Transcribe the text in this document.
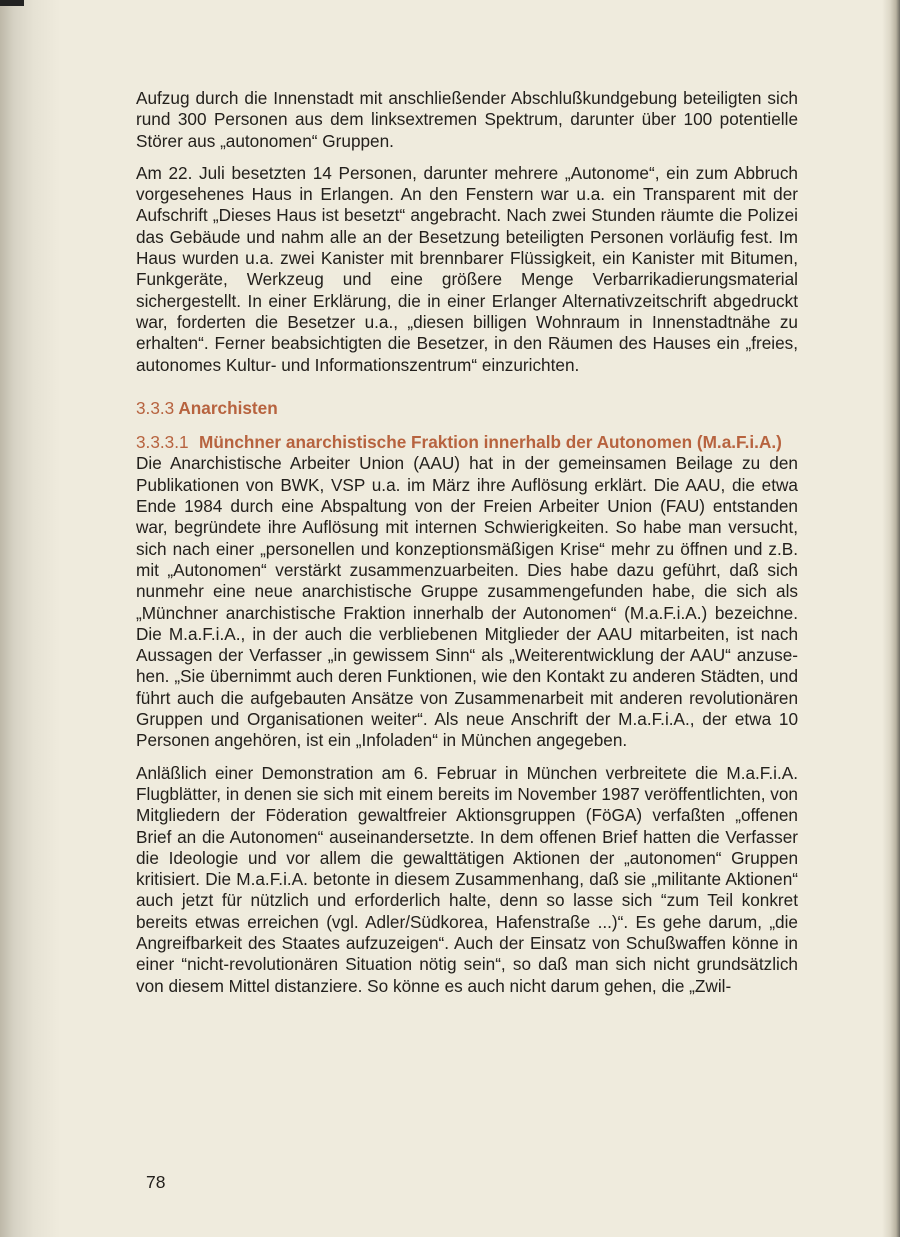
Aufzug durch die Innenstadt mit anschließender Abschlußkundgebung beteiligten sich rund 300 Personen aus dem linksextremen Spektrum, darunter über 100 potentielle Störer aus „autonomen“ Gruppen.

Am 22. Juli besetzten 14 Personen, darunter mehrere „Autonome“, ein zum Abbruch vorgesehenes Haus in Erlangen. An den Fenstern war u.a. ein Transparent mit der Aufschrift „Dieses Haus ist besetzt“ angebracht. Nach zwei Stunden räumte die Polizei das Gebäude und nahm alle an der Besetzung beteiligten Personen vorläufig fest. Im Haus wurden u.a. zwei Kanister mit brennbarer Flüssigkeit, ein Kanister mit Bitumen, Funkgeräte, Werkzeug und eine größere Menge Verbarrikadierungsmaterial sichergestellt. In einer Erklärung, die in einer Erlanger Alternativzeitschrift abgedruckt war, forderten die Besetzer u.a., „diesen billigen Wohnraum in Innenstadtnähe zu erhalten“. Ferner beabsichtigten die Besetzer, in den Räumen des Hauses ein „freies, autonomes Kultur- und Informationszentrum“ einzurichten.

3.3.3 Anarchisten

3.3.3.1 Münchner anarchistische Fraktion innerhalb der Autonomen (M.a.F.i.A.)

Die Anarchistische Arbeiter Union (AAU) hat in der gemeinsamen Beilage zu den Publikationen von BWK, VSP u.a. im März ihre Auflösung erklärt. Die AAU, die etwa Ende 1984 durch eine Abspaltung von der Freien Arbeiter Union (FAU) entstanden war, begründete ihre Auflösung mit internen Schwierigkeiten. So habe man versucht, sich nach einer „personellen und konzeptionsmäßigen Krise“ mehr zu öffnen und z.B. mit „Autonomen“ verstärkt zusammenzuarbeiten. Dies habe dazu geführt, daß sich nunmehr eine neue anarchistische Gruppe zusammengefunden habe, die sich als „Münchner anarchistische Fraktion innerhalb der Autonomen“ (M.a.F.i.A.) bezeichne. Die M.a.F.i.A., in der auch die verbliebenen Mitglieder der AAU mitarbeiten, ist nach Aussagen der Verfasser „in gewissem Sinn“ als „Weiterentwicklung der AAU“ anzusehen. „Sie übernimmt auch deren Funktionen, wie den Kontakt zu anderen Städten, und führt auch die aufgebauten Ansätze von Zusammenarbeit mit anderen revolutionären Gruppen und Organisationen weiter“. Als neue Anschrift der M.a.F.i.A., der etwa 10 Personen angehören, ist ein „Infoladen“ in München angegeben.

Anläßlich einer Demonstration am 6. Februar in München verbreitete die M.a.F.i.A. Flugblätter, in denen sie sich mit einem bereits im November 1987 veröffentlichten, von Mitgliedern der Föderation gewaltfreier Aktionsgruppen (FöGA) verfaßten „offenen Brief an die Autonomen“ auseinandersetzte. In dem offenen Brief hatten die Verfasser die Ideologie und vor allem die gewalttätigen Aktionen der „autonomen“ Gruppen kritisiert. Die M.a.F.i.A. betonte in diesem Zusammenhang, daß sie „militante Aktionen“ auch jetzt für nützlich und erforderlich halte, denn so lasse sich “zum Teil konkret bereits etwas erreichen (vgl. Adler/Südkorea, Hafenstraße ...)“. Es gehe darum, „die Angreifbarkeit des Staates aufzuzeigen“. Auch der Einsatz von Schußwaffen könne in einer “nicht-revolutionären Situation nötig sein“, so daß man sich nicht grundsätzlich von diesem Mittel distanziere. So könne es auch nicht darum gehen, die „Zwil-

78
